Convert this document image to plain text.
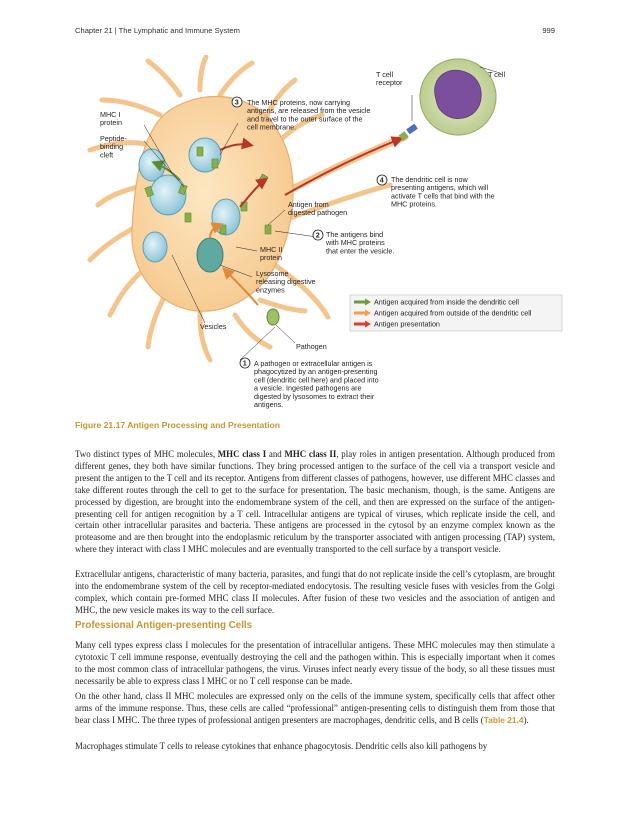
Chapter 21 | The Lymphatic and Immune System	999
T cell receptor
T cell
MHC I protein
Peptide-binding cleft
Antigen from digested pathogen
MHC II protein
Lysosome releasing digestive enzymes
Vesicles
Pathogen
3 The MHC proteins, now carrying antigens, are released from the vesicle and travel to the outer surface of the cell membrane.
4 The dendritic cell is now presenting antigens, which will activate T cells that bind with the MHC proteins.
2 The antigens bind with MHC proteins that enter the vesicle.
1 A pathogen or extracellular antigen is phagocytized by an antigen-presenting cell (dendritic cell here) and placed into a vesicle. Ingested pathogens are digested by lysosomes to extract their antigens.
Antigen acquired from inside the dendritic cell
Antigen acquired from outside of the dendritic cell
Antigen presentation
Figure 21.17 Antigen Processing and Presentation

Two distinct types of MHC molecules, MHC class I and MHC class II, play roles in antigen presentation. Although produced from different genes, they both have similar functions. They bring processed antigen to the surface of the cell via a transport vesicle and present the antigen to the T cell and its receptor. Antigens from different classes of pathogens, however, use different MHC classes and take different routes through the cell to get to the surface for presentation. The basic mechanism, though, is the same. Antigens are processed by digestion, are brought into the endomembrane system of the cell, and then are expressed on the surface of the antigen-presenting cell for antigen recognition by a T cell. Intracellular antigens are typical of viruses, which replicate inside the cell, and certain other intracellular parasites and bacteria. These antigens are processed in the cytosol by an enzyme complex known as the proteasome and are then brought into the endoplasmic reticulum by the transporter associated with antigen processing (TAP) system, where they interact with class I MHC molecules and are eventually transported to the cell surface by a transport vesicle.

Extracellular antigens, characteristic of many bacteria, parasites, and fungi that do not replicate inside the cell’s cytoplasm, are brought into the endomembrane system of the cell by receptor-mediated endocytosis. The resulting vesicle fuses with vesicles from the Golgi complex, which contain pre-formed MHC class II molecules. After fusion of these two vesicles and the association of antigen and MHC, the new vesicle makes its way to the cell surface.

Professional Antigen-presenting Cells

Many cell types express class I molecules for the presentation of intracellular antigens. These MHC molecules may then stimulate a cytotoxic T cell immune response, eventually destroying the cell and the pathogen within. This is especially important when it comes to the most common class of intracellular pathogens, the virus. Viruses infect nearly every tissue of the body, so all these tissues must necessarily be able to express class I MHC or no T cell response can be made.

On the other hand, class II MHC molecules are expressed only on the cells of the immune system, specifically cells that affect other arms of the immune response. Thus, these cells are called “professional” antigen-presenting cells to distinguish them from those that bear class I MHC. The three types of professional antigen presenters are macrophages, dendritic cells, and B cells (Table 21.4).

Macrophages stimulate T cells to release cytokines that enhance phagocytosis. Dendritic cells also kill pathogens by
